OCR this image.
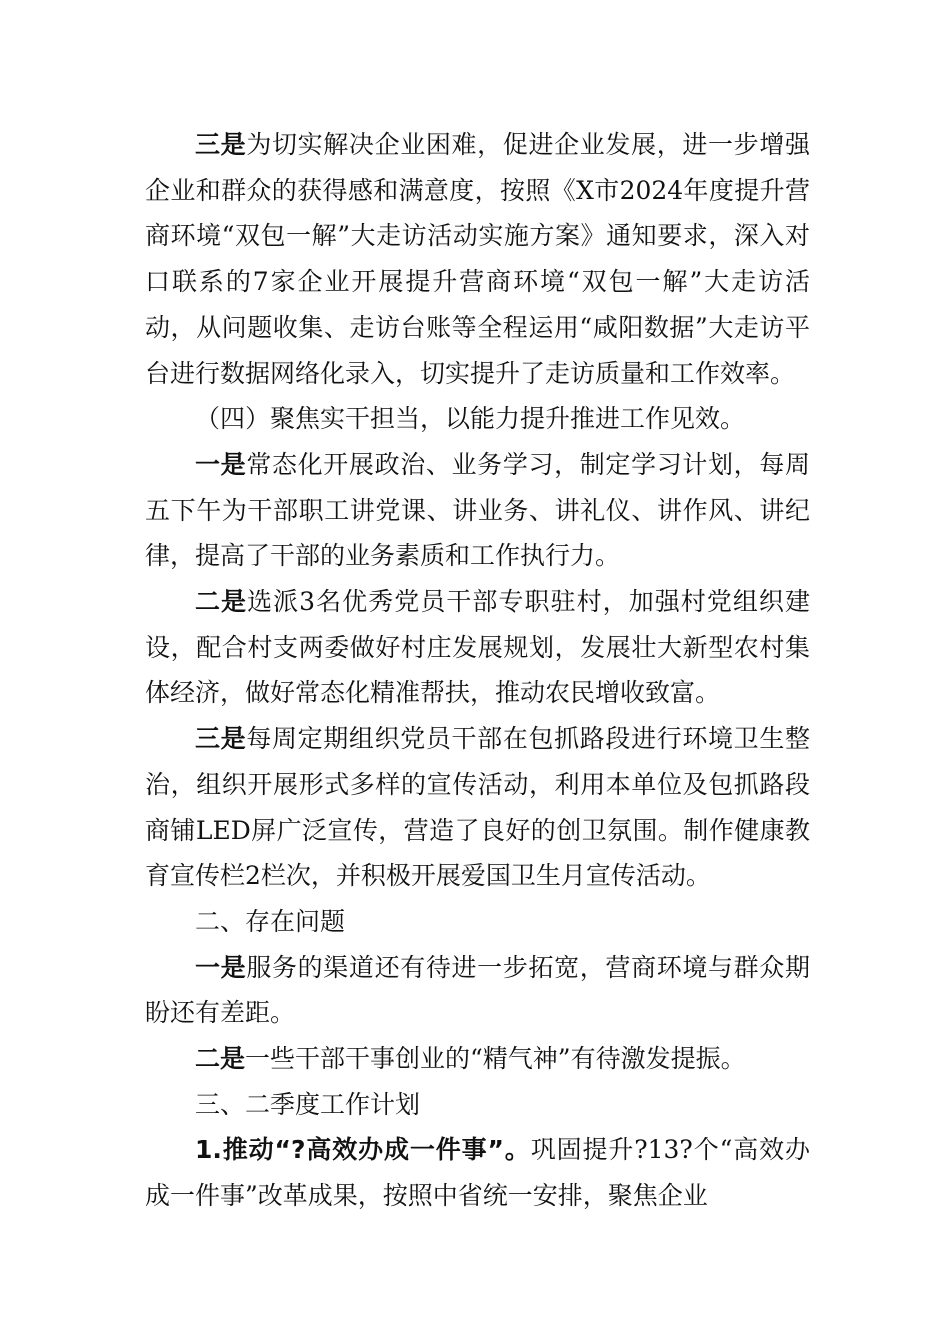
三是为切实解决企业困难，促进企业发展，进一步增强企业和群众的获得感和满意度，按照《X市2024年度提升营商环境“双包一解”大走访活动实施方案》通知要求，深入对口联系的7家企业开展提升营商环境“双包一解”大走访活动，从问题收集、走访台账等全程运用“咸阳数据”大走访平台进行数据网络化录入，切实提升了走访质量和工作效率。

（四）聚焦实干担当，以能力提升推进工作见效。

一是常态化开展政治、业务学习，制定学习计划，每周五下午为干部职工讲党课、讲业务、讲礼仪、讲作风、讲纪律，提高了干部的业务素质和工作执行力。

二是选派3名优秀党员干部专职驻村，加强村党组织建设，配合村支两委做好村庄发展规划，发展壮大新型农村集体经济，做好常态化精准帮扶，推动农民增收致富。

三是每周定期组织党员干部在包抓路段进行环境卫生整治，组织开展形式多样的宣传活动，利用本单位及包抓路段商铺LED屏广泛宣传，营造了良好的创卫氛围。制作健康教育宣传栏2栏次，并积极开展爱国卫生月宣传活动。

二、存在问题

一是服务的渠道还有待进一步拓宽，营商环境与群众期盼还有差距。

二是一些干部干事创业的“精气神”有待激发提振。

三、二季度工作计划

1.推动“?高效办成一件事”。巩固提升?13?个“高效办成一件事”改革成果，按照中省统一安排，聚焦企业
